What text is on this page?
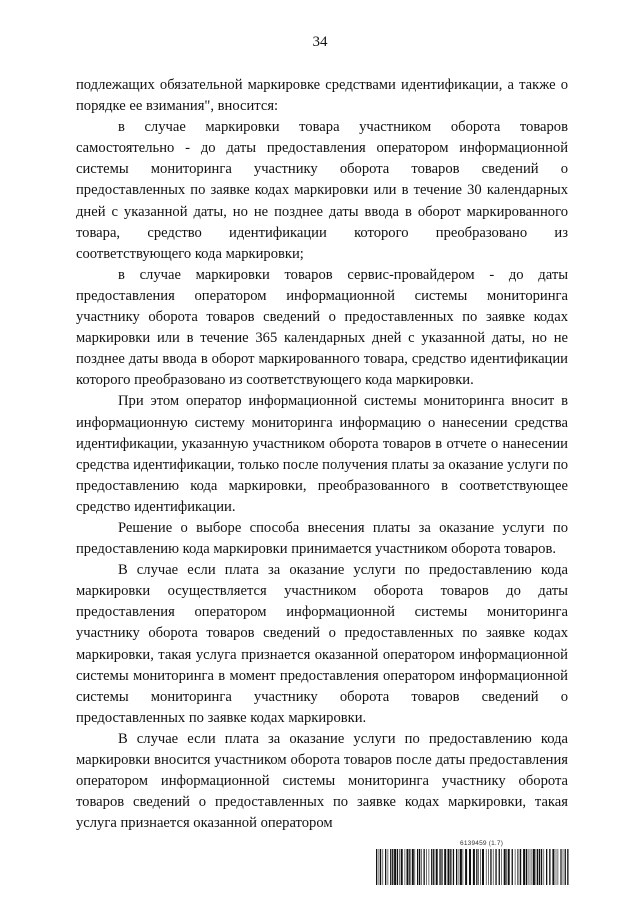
34

подлежащих обязательной маркировке средствами идентификации, а также о порядке ее взимания", вносится:

в случае маркировки товара участником оборота товаров самостоятельно - до даты предоставления оператором информационной системы мониторинга участнику оборота товаров сведений о предоставленных по заявке кодах маркировки или в течение 30 календарных дней с указанной даты, но не позднее даты ввода в оборот маркированного товара, средство идентификации которого преобразовано из соответствующего кода маркировки;

в случае маркировки товаров сервис-провайдером - до даты предоставления оператором информационной системы мониторинга участнику оборота товаров сведений о предоставленных по заявке кодах маркировки или в течение 365 календарных дней с указанной даты, но не позднее даты ввода в оборот маркированного товара, средство идентификации которого преобразовано из соответствующего кода маркировки.

При этом оператор информационной системы мониторинга вносит в информационную систему мониторинга информацию о нанесении средства идентификации, указанную участником оборота товаров в отчете о нанесении средства идентификации, только после получения платы за оказание услуги по предоставлению кода маркировки, преобразованного в соответствующее средство идентификации.

Решение о выборе способа внесения платы за оказание услуги по предоставлению кода маркировки принимается участником оборота товаров.

В случае если плата за оказание услуги по предоставлению кода маркировки осуществляется участником оборота товаров до даты предоставления оператором информационной системы мониторинга участнику оборота товаров сведений о предоставленных по заявке кодах маркировки, такая услуга признается оказанной оператором информационной системы мониторинга в момент предоставления оператором информационной системы мониторинга участнику оборота товаров сведений о предоставленных по заявке кодах маркировки.

В случае если плата за оказание услуги по предоставлению кода маркировки вносится участником оборота товаров после даты предоставления оператором информационной системы мониторинга участнику оборота товаров сведений о предоставленных по заявке кодах маркировки, такая услуга признается оказанной оператором

6139459 (1.7)
